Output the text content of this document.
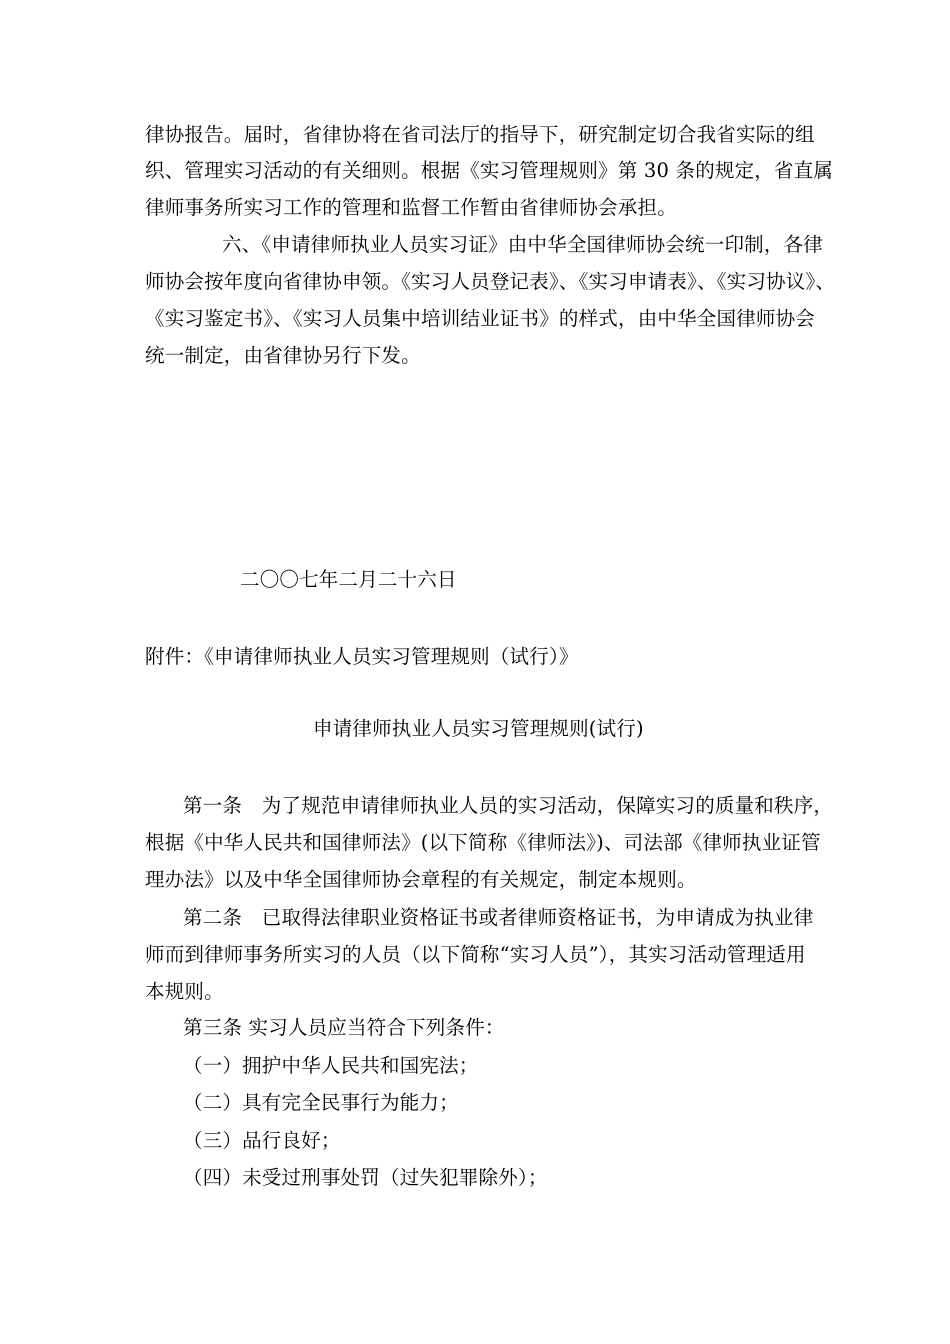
律协报告。届时，省律协将在省司法厅的指导下，研究制定切合我省实际的组
织、管理实习活动的有关细则。根据《实习管理规则》第 30 条的规定，省直属
律师事务所实习工作的管理和监督工作暂由省律师协会承担。
六、《申请律师执业人员实习证》由中华全国律师协会统一印制，各律
师协会按年度向省律协申领。《实习人员登记表》、《实习申请表》、《实习协议》、
《实习鉴定书》、《实习人员集中培训结业证书》的样式，由中华全国律师协会
统一制定，由省律协另行下发。
二〇〇七年二月二十六日
附件：《申请律师执业人员实习管理规则（试行）》
申请律师执业人员实习管理规则(试行)
第一条　为了规范申请律师执业人员的实习活动，保障实习的质量和秩序，
根据《中华人民共和国律师法》(以下简称《律师法》)、司法部《律师执业证管
理办法》以及中华全国律师协会章程的有关规定，制定本规则。
第二条　已取得法律职业资格证书或者律师资格证书，为申请成为执业律
师而到律师事务所实习的人员（以下简称“实习人员”），其实习活动管理适用
本规则。
第三条 实习人员应当符合下列条件：
（一）拥护中华人民共和国宪法；
（二）具有完全民事行为能力；
（三）品行良好；
（四）未受过刑事处罚（过失犯罪除外）；
